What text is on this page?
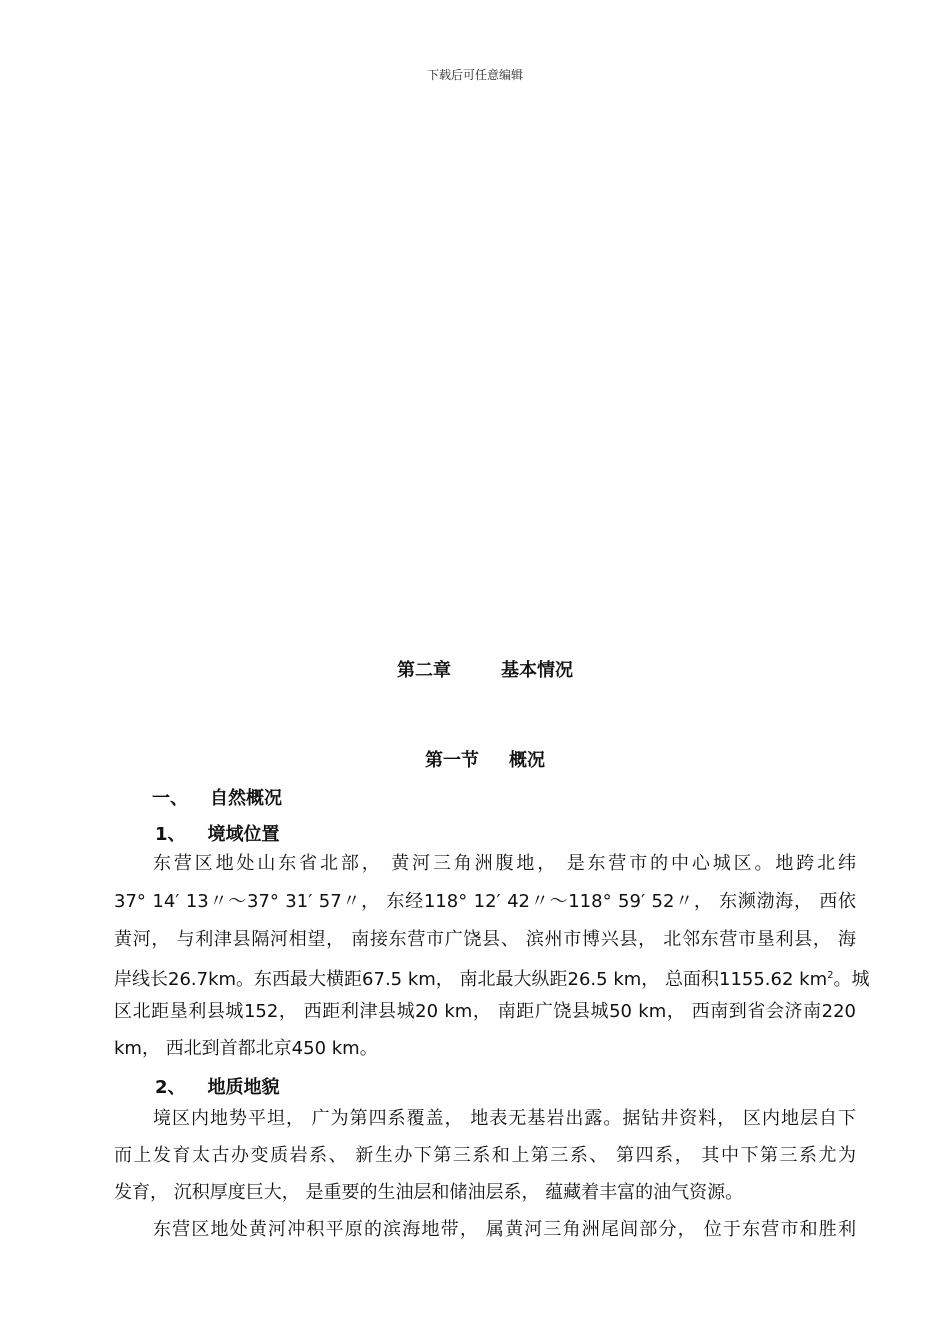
下载后可任意编辑
第二章	基本情况
第一节 概况
一、 自然概况
1、 境域位置
东营区地处山东省北部， 黄河三角洲腹地， 是东营市的中心城区。地跨北纬
37° 14′ 13〃～37° 31′ 57〃， 东经118° 12′ 42〃～118° 59′ 52〃， 东濒渤海， 西依
黄河， 与利津县隔河相望， 南接东营市广饶县、 滨州市博兴县， 北邻东营市垦利县， 海
岸线长26.7km。东西最大横距67.5 km， 南北最大纵距26.5 km， 总面积1155.62 $km^2$。城
区北距垦利县城152， 西距利津县城20 km， 南距广饶县城50 km， 西南到省会济南220
km， 西北到首都北京450 km。
2、 地质地貌
境区内地势平坦， 广为第四系覆盖， 地表无基岩出露。据钻井资料， 区内地层自下
而上发育太古办变质岩系、 新生办下第三系和上第三系、 第四系， 其中下第三系尤为
发育， 沉积厚度巨大， 是重要的生油层和储油层系， 蕴藏着丰富的油气资源。
东营区地处黄河冲积平原的滨海地带， 属黄河三角洲尾闾部分， 位于东营市和胜利
